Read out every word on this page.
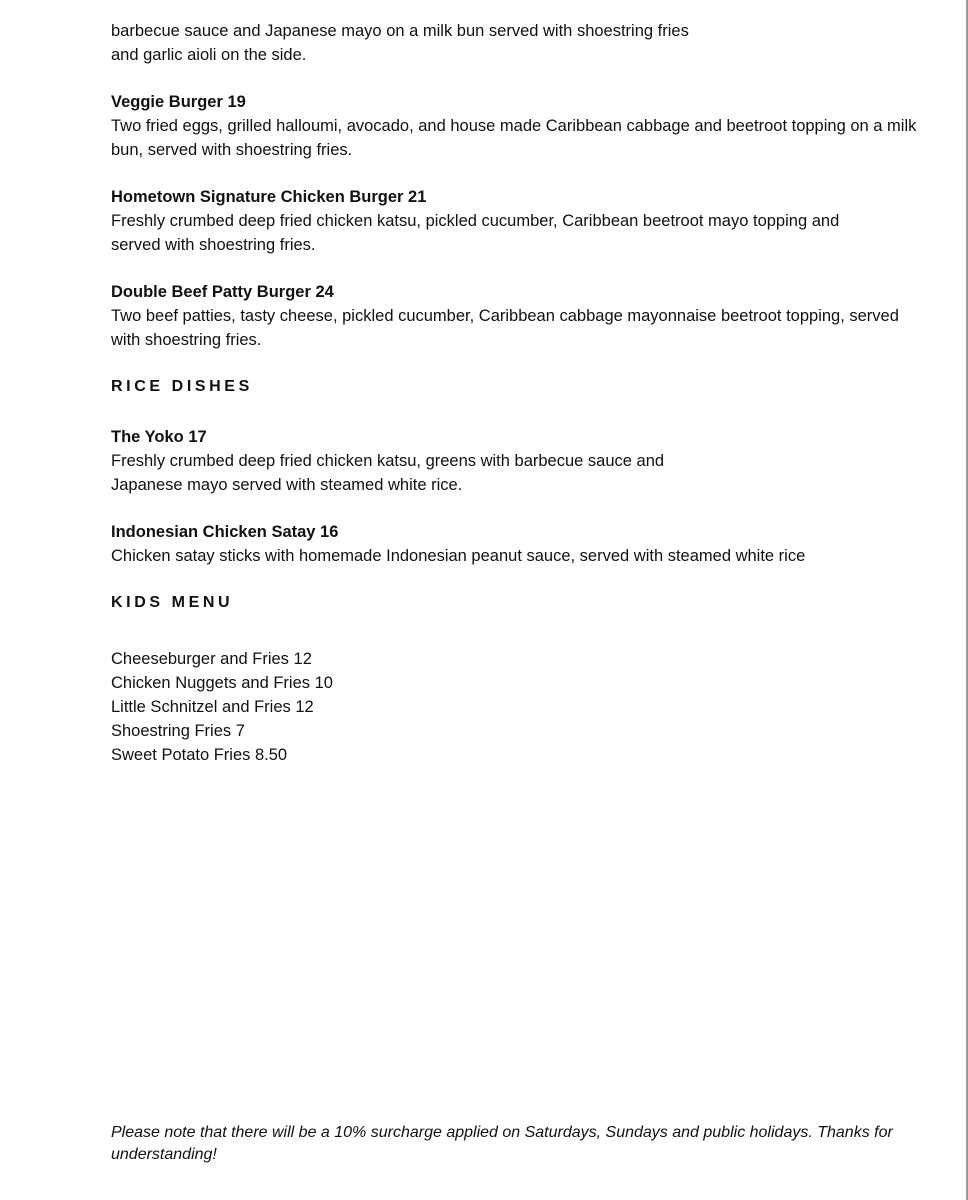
barbecue sauce and Japanese mayo on a milk bun served with shoestring fries
and garlic aioli on the side.
Veggie Burger 19
Two fried eggs, grilled halloumi, avocado, and house made Caribbean cabbage and beetroot topping on a milk bun, served with shoestring fries.
Hometown Signature Chicken Burger 21
Freshly crumbed deep fried chicken katsu, pickled cucumber, Caribbean beetroot mayo topping and served with shoestring fries.
Double Beef Patty Burger 24
Two beef patties, tasty cheese, pickled cucumber, Caribbean cabbage mayonnaise beetroot topping, served with shoestring fries.
RICE DISHES
The Yoko 17
Freshly crumbed deep fried chicken katsu, greens with barbecue sauce and
Japanese mayo served with steamed white rice.
Indonesian Chicken Satay 16
Chicken satay sticks with homemade Indonesian peanut sauce, served with steamed white rice
KIDS MENU
Cheeseburger and Fries 12
Chicken Nuggets and Fries 10
Little Schnitzel and Fries 12
Shoestring Fries 7
Sweet Potato Fries 8.50
Please note that there will be a 10% surcharge applied on Saturdays, Sundays and public holidays. Thanks for understanding!
